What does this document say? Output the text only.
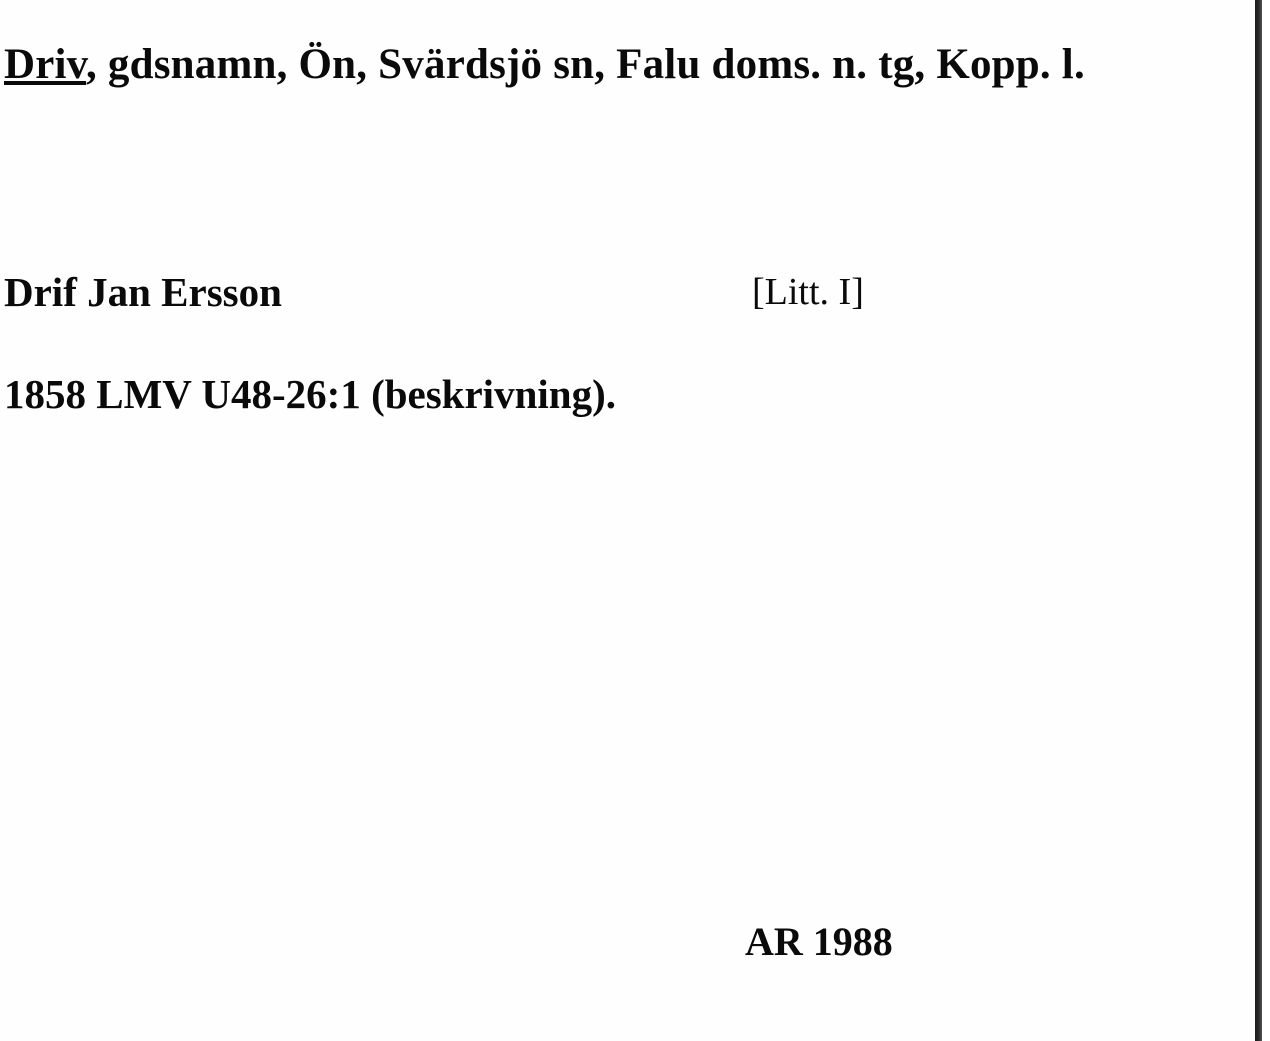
Driv, gdsnamn, Ön, Svärdsjö sn, Falu doms. n. tg, Kopp. l.
Drif Jan Ersson	[Litt. I]
1858 LMV U48-26:1 (beskrivning).
AR 1988
